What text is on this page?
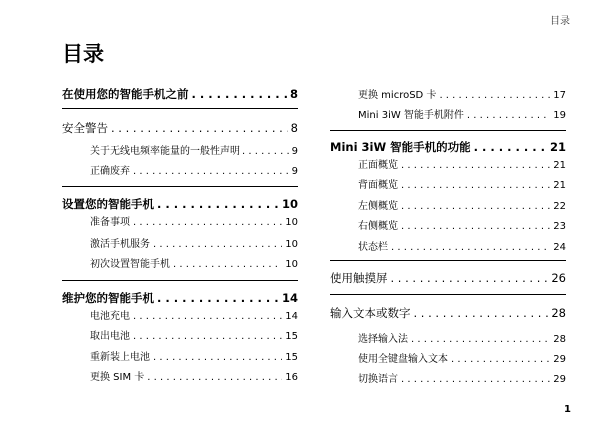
目录
目录
在使用您的智能手机之前 . . .	8
安全警告 . . .	8
关于无线电频率能量的一般性声明 . . .	9
正确废弃 . . .	9
设置您的智能手机 . . .	10
准备事项 . . .	10
激活手机服务 . . .	10
初次设置智能手机 . . .	10
维护您的智能手机 . . .	14
电池充电 . . .	14
取出电池 . . .	15
重新装上电池 . . .	15
更换 SIM 卡 . . .	16
更换 microSD 卡 . . .	17
Mini 3iW 智能手机附件 . . .	19
Mini 3iW 智能手机的功能 . . .	21
正面概览 . . .	21
背面概览 . . .	21
左侧概览 . . .	22
右侧概览 . . .	23
状态栏 . . .	24
使用触摸屏 . . .	26
输入文本或数字 . . .	28
选择输入法 . . .	28
使用全键盘输入文本 . . .	29
切换语言 . . .	29
1
